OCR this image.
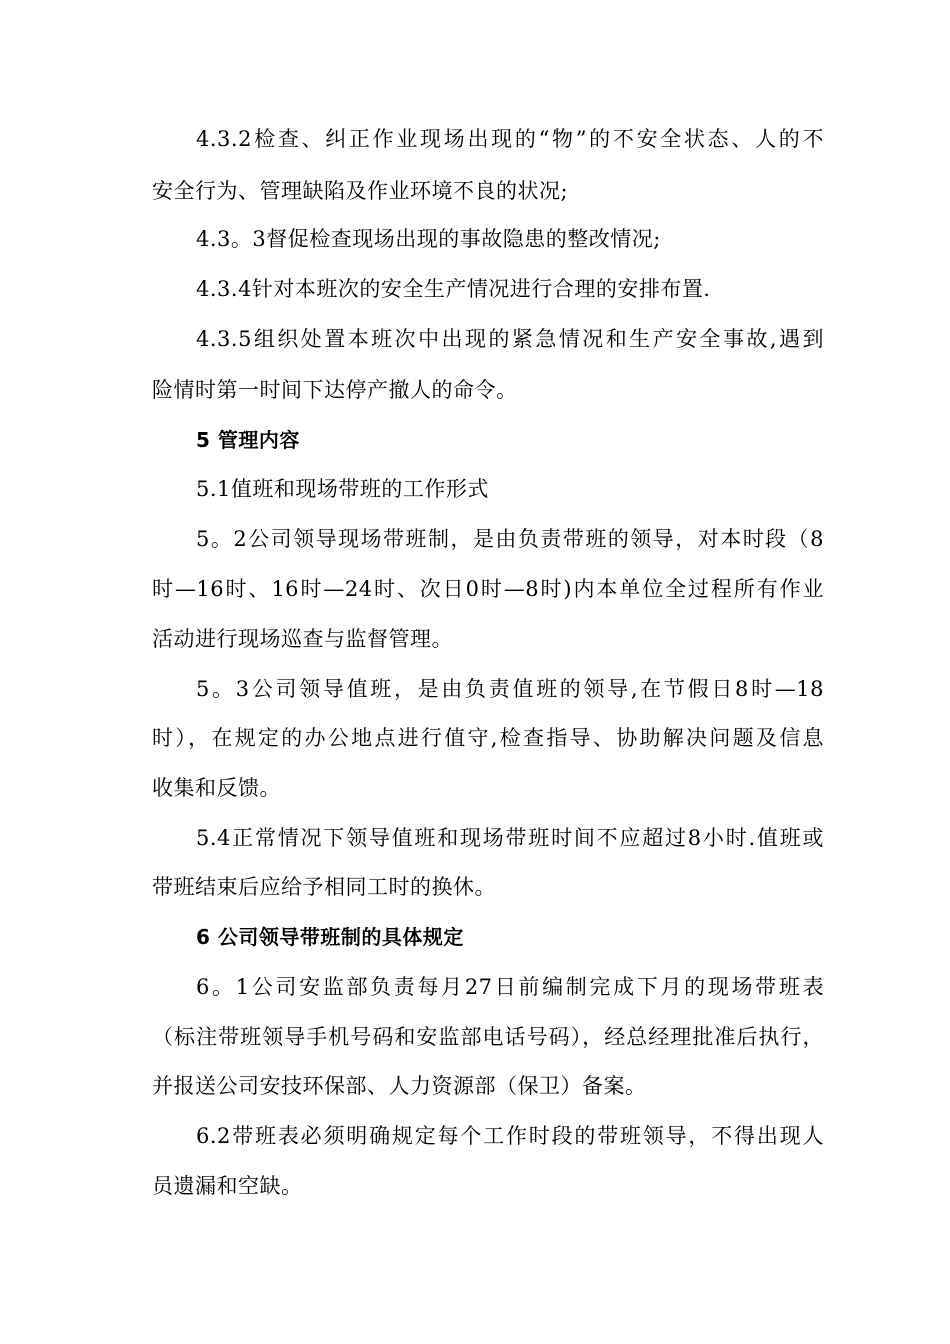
4.3.2检查、纠正作业现场出现的“物”的不安全状态、人的不
安全行为、管理缺陷及作业环境不良的状况;
4.3。3督促检查现场出现的事故隐患的整改情况;
4.3.4针对本班次的安全生产情况进行合理的安排布置.
4.3.5组织处置本班次中出现的紧急情况和生产安全事故,遇到
险情时第一时间下达停产撤人的命令。
5 管理内容
5.1值班和现场带班的工作形式
5。2公司领导现场带班制，是由负责带班的领导，对本时段（8
时—16时、16时—24时、次日0时—8时)内本单位全过程所有作业
活动进行现场巡查与监督管理。
5。3公司领导值班，是由负责值班的领导,在节假日8时—18
时），在规定的办公地点进行值守,检查指导、协助解决问题及信息
收集和反馈。
5.4正常情况下领导值班和现场带班时间不应超过8小时.值班或
带班结束后应给予相同工时的换休。
6 公司领导带班制的具体规定
6。1公司安监部负责每月27日前编制完成下月的现场带班表
（标注带班领导手机号码和安监部电话号码），经总经理批准后执行，
并报送公司安技环保部、人力资源部（保卫）备案。
6.2带班表必须明确规定每个工作时段的带班领导，不得出现人
员遗漏和空缺。
